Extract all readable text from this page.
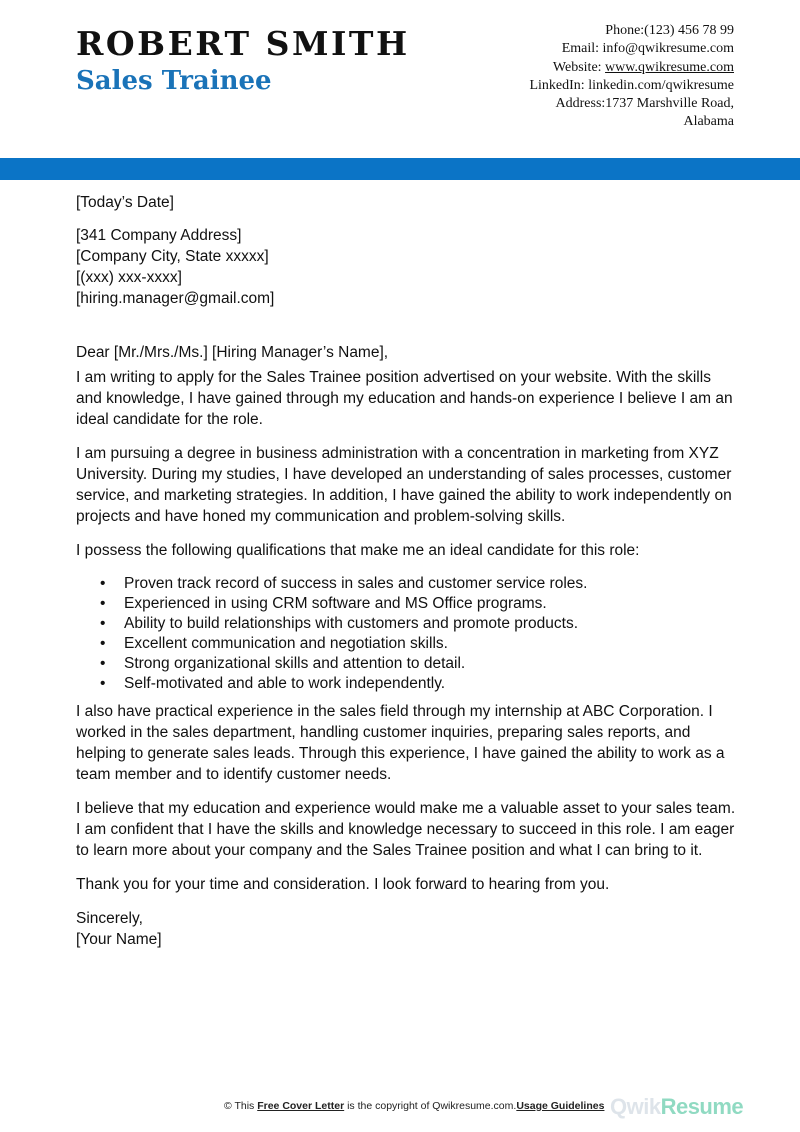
ROBERT SMITH
Sales Trainee
Phone:(123) 456 78 99
Email: info@qwikresume.com
Website: www.qwikresume.com
LinkedIn: linkedin.com/qwikresume
Address:1737 Marshville Road,
Alabama

[Today’s Date]

[341 Company Address]

[Company City, State xxxxx]

[(xxx) xxx-xxxx]

[hiring.manager@gmail.com]

Dear [Mr./Mrs./Ms.] [Hiring Manager’s Name],

I am writing to apply for the Sales Trainee position advertised on your website. With the skills and knowledge, I have gained through my education and hands-on experience I believe I am an ideal candidate for the role.

I am pursuing a degree in business administration with a concentration in marketing from XYZ University. During my studies, I have developed an understanding of sales processes, customer service, and marketing strategies. In addition, I have gained the ability to work independently on projects and have honed my communication and problem-solving skills.

I possess the following qualifications that make me an ideal candidate for this role:

• Proven track record of success in sales and customer service roles.
• Experienced in using CRM software and MS Office programs.
• Ability to build relationships with customers and promote products.
• Excellent communication and negotiation skills.
• Strong organizational skills and attention to detail.
• Self-motivated and able to work independently.

I also have practical experience in the sales field through my internship at ABC Corporation. I worked in the sales department, handling customer inquiries, preparing sales reports, and helping to generate sales leads. Through this experience, I have gained the ability to work as a team member and to identify customer needs.

I believe that my education and experience would make me a valuable asset to your sales team. I am confident that I have the skills and knowledge necessary to succeed in this role. I am eager to learn more about your company and the Sales Trainee position and what I can bring to it.

Thank you for your time and consideration. I look forward to hearing from you.

Sincerely,

[Your Name]

QwikResume
© This Free Cover Letter is the copyright of Qwikresume.com.Usage Guidelines
